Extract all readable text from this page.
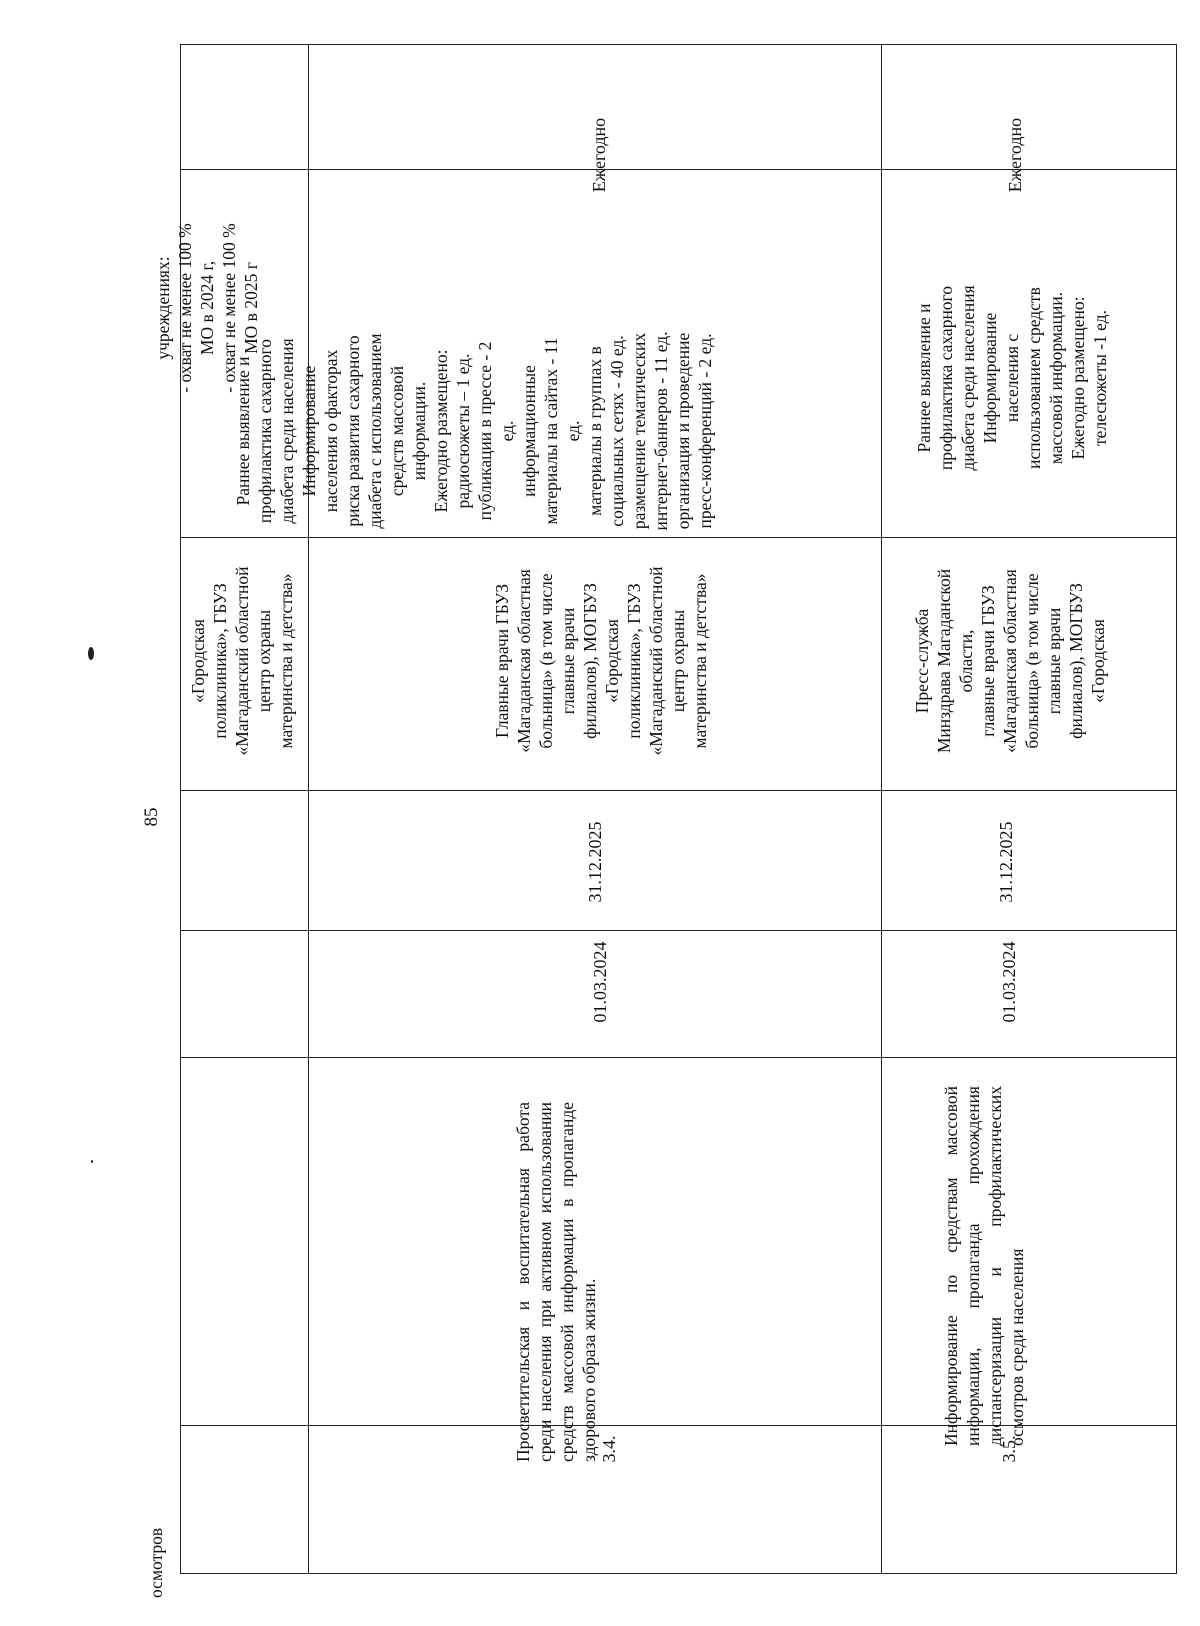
85
осмотров
«Городская поликлиника», ГБУЗ «Магаданский областной центр охраны материнства и детства»
учреждениях: - охват не менее 100 % МО в 2024 г, - охват не менее 100 % МО в 2025 г
3.4.
Просветительская и воспитательная работа среди населения при активном использовании средств массовой информации в пропаганде здорового образа жизни.
01.03.2024
31.12.2025
Главные врачи ГБУЗ «Магаданская областная больница» (в том числе главные врачи филиалов), МОГБУЗ «Городская поликлиника», ГБУЗ «Магаданский областной центр охраны материнства и детства»
Раннее выявление и профилактика сахарного диабета среди населения Информирование населения о факторах риска развития сахарного диабета с использованием средств массовой информации. Ежегодно размещено: радиосюжеты – 1 ед. публикации в прессе - 2 ед. информационные материалы на сайтах - 11 ед. материалы в группах в социальных сетях - 40 ед. размещение тематических интернет-баннеров - 11 ед. организация и проведение пресс-конференций - 2 ед.
Ежегодно
3.5.
Информирование по средствам массовой информации, пропаганда прохождения диспансеризации и профилактических осмотров среди населения
01.03.2024
31.12.2025
Пресс-служба Минздрава Магаданской области, главные врачи ГБУЗ «Магаданская областная больница» (в том числе главные врачи филиалов), МОГБУЗ «Городская
Раннее выявление и профилактика сахарного диабета среди населения Информирование населения с использованием средств массовой информации. Ежегодно размещено: телесюжеты -1 ед.
Ежегодно
